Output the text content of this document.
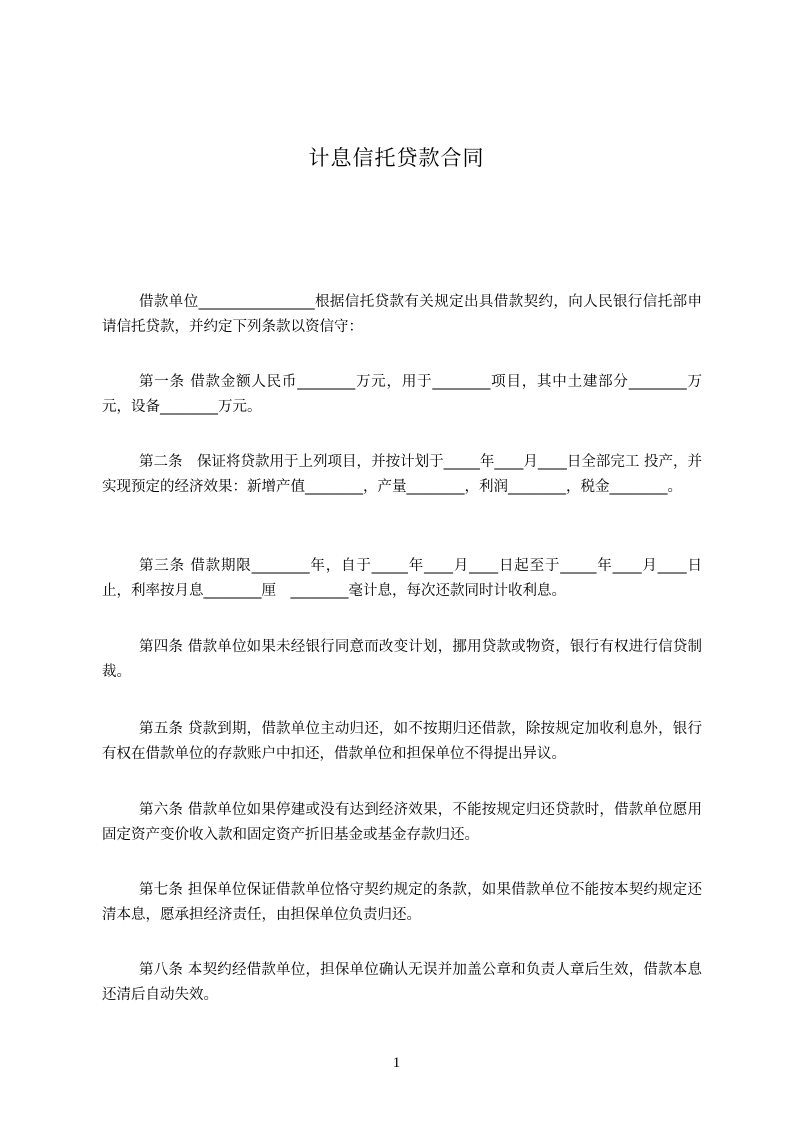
计息信托贷款合同

借款单位________________根据信托贷款有关规定出具借款契约，向人民银行信托部申请信托贷款，并约定下列条款以资信守：

第一条 借款金额人民币________万元，用于________项目，其中土建部分________万元，设备________万元。

第二条　保证将贷款用于上列项目，并按计划于_____年____月____日全部完工 投产，并实现预定的经济效果：新增产值________，产量________，利润________，税金________。

第三条 借款期限________年，自于_____年____月____日起至于_____年____月____日止，利率按月息________厘　________毫计息，每次还款同时计收利息。

第四条 借款单位如果未经银行同意而改变计划，挪用贷款或物资，银行有权进行信贷制裁。

第五条 贷款到期，借款单位主动归还，如不按期归还借款，除按规定加收利息外，银行有权在借款单位的存款账户中扣还，借款单位和担保单位不得提出异议。

第六条 借款单位如果停建或没有达到经济效果，不能按规定归还贷款时，借款单位愿用固定资产变价收入款和固定资产折旧基金或基金存款归还。

第七条 担保单位保证借款单位恪守契约规定的条款，如果借款单位不能按本契约规定还清本息，愿承担经济责任，由担保单位负责归还。

第八条 本契约经借款单位，担保单位确认无误并加盖公章和负责人章后生效，借款本息还清后自动失效。

1
